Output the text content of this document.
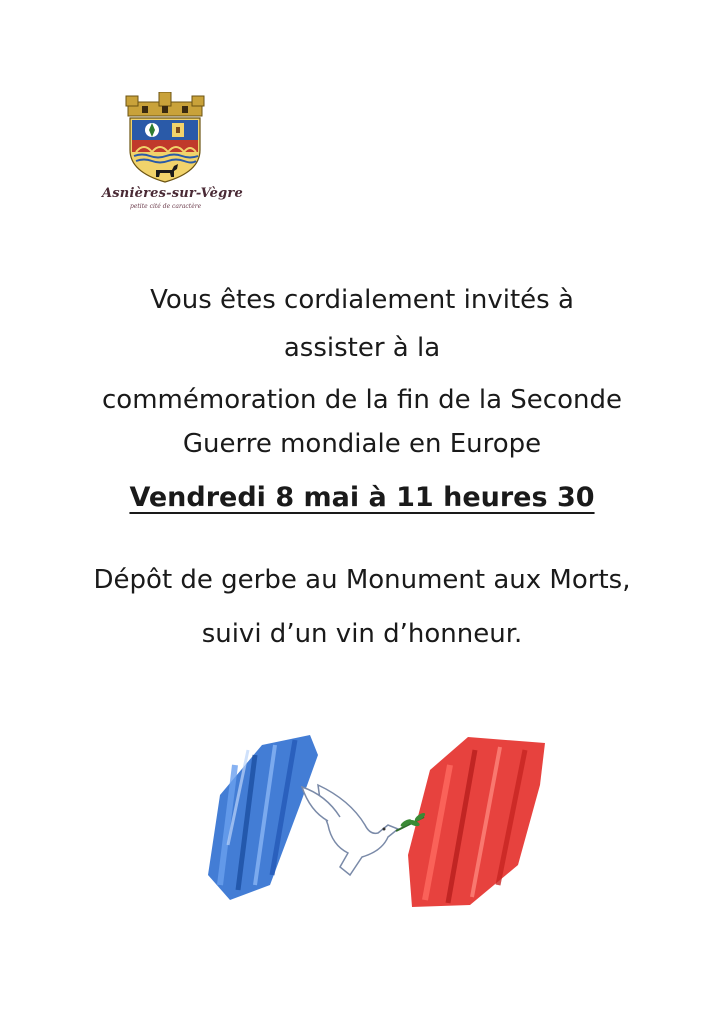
Asnières-sur-Vègre
petite cité de caractère
Vous êtes cordialement invités à
assister à la
commémoration de la fin de la Seconde
Guerre mondiale en Europe
Vendredi 8 mai à 11 heures 30
Dépôt de gerbe au Monument aux Morts,
suivi d’un vin d’honneur.
